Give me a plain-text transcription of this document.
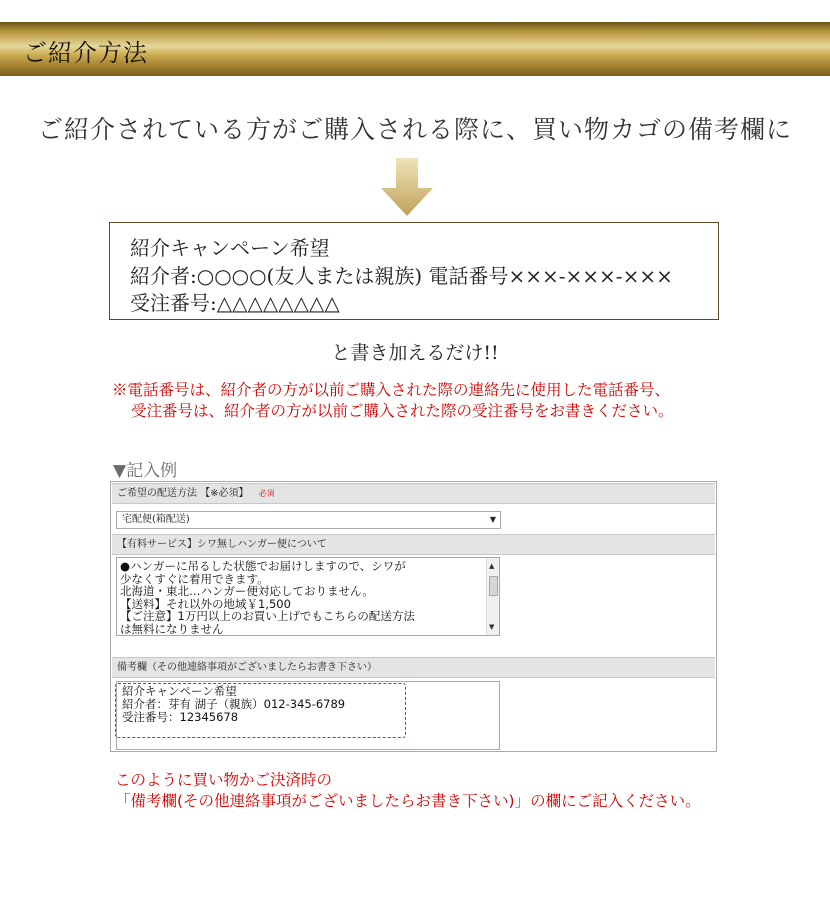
ご紹介方法
ご紹介されている方がご購入される際に、買い物カゴの備考欄に
紹介キャンペーン希望
紹介者:○○○○(友人または親族) 電話番号×××-×××-×××
受注番号:△△△△△△△△
と書き加えるだけ!!
※電話番号は、紹介者の方が以前ご購入された際の連絡先に使用した電話番号、
受注番号は、紹介者の方が以前ご購入された際の受注番号をお書きください。
▼記入例
ご希望の配送方法 【※必須】 必須
宅配便(箱配送)	▼
【有料サービス】シワ無しハンガー便について
●ハンガーに吊るした状態でお届けしますので、シワが
少なくすぐに着用できます。
北海道・東北…ハンガー便対応しておりません。
【送料】それ以外の地域￥1,500
【ご注意】1万円以上のお買い上げでもこちらの配送方法
は無料になりません
▲
▼
備考欄（その他連絡事項がございましたらお書き下さい）
紹介キャンペーン希望
紹介者：芽有 湖子（親族）012-345-6789
受注番号：12345678
このように買い物かご決済時の
「備考欄(その他連絡事項がございましたらお書き下さい)」の欄にご記入ください。
